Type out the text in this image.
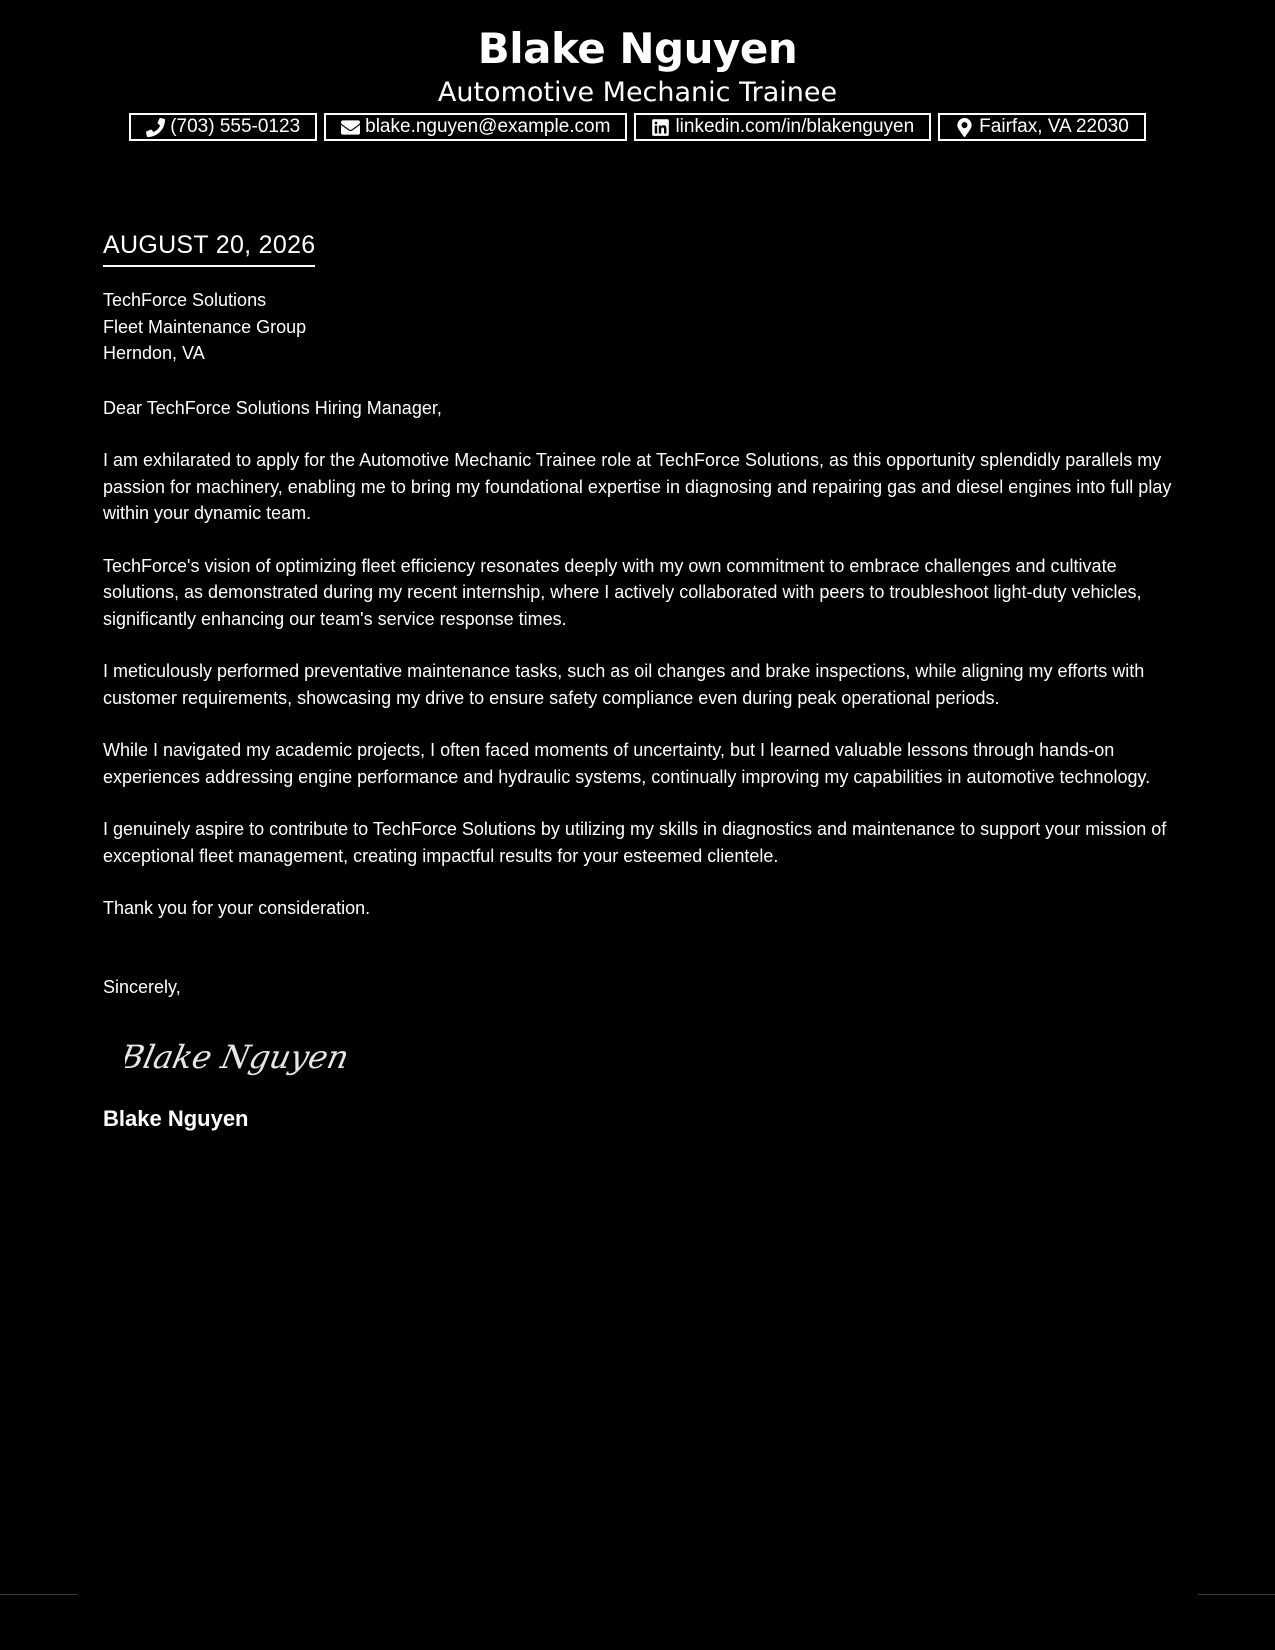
Blake Nguyen
Automotive Mechanic Trainee
(703) 555-0123	blake.nguyen@example.com	linkedin.com/in/blakenguyen	Fairfax, VA 22030
AUGUST 20, 2026
TechForce Solutions
Fleet Maintenance Group
Herndon, VA
Dear TechForce Solutions Hiring Manager,
I am exhilarated to apply for the Automotive Mechanic Trainee role at TechForce Solutions, as this opportunity splendidly parallels my passion for machinery, enabling me to bring my foundational expertise in diagnosing and repairing gas and diesel engines into full play within your dynamic team.
TechForce's vision of optimizing fleet efficiency resonates deeply with my own commitment to embrace challenges and cultivate solutions, as demonstrated during my recent internship, where I actively collaborated with peers to troubleshoot light-duty vehicles, significantly enhancing our team's service response times.
I meticulously performed preventative maintenance tasks, such as oil changes and brake inspections, while aligning my efforts with customer requirements, showcasing my drive to ensure safety compliance even during peak operational periods.
While I navigated my academic projects, I often faced moments of uncertainty, but I learned valuable lessons through hands-on experiences addressing engine performance and hydraulic systems, continually improving my capabilities in automotive technology.
I genuinely aspire to contribute to TechForce Solutions by utilizing my skills in diagnostics and maintenance to support your mission of exceptional fleet management, creating impactful results for your esteemed clientele.
Thank you for your consideration.
Sincerely,
Blake Nguyen
Blake Nguyen
